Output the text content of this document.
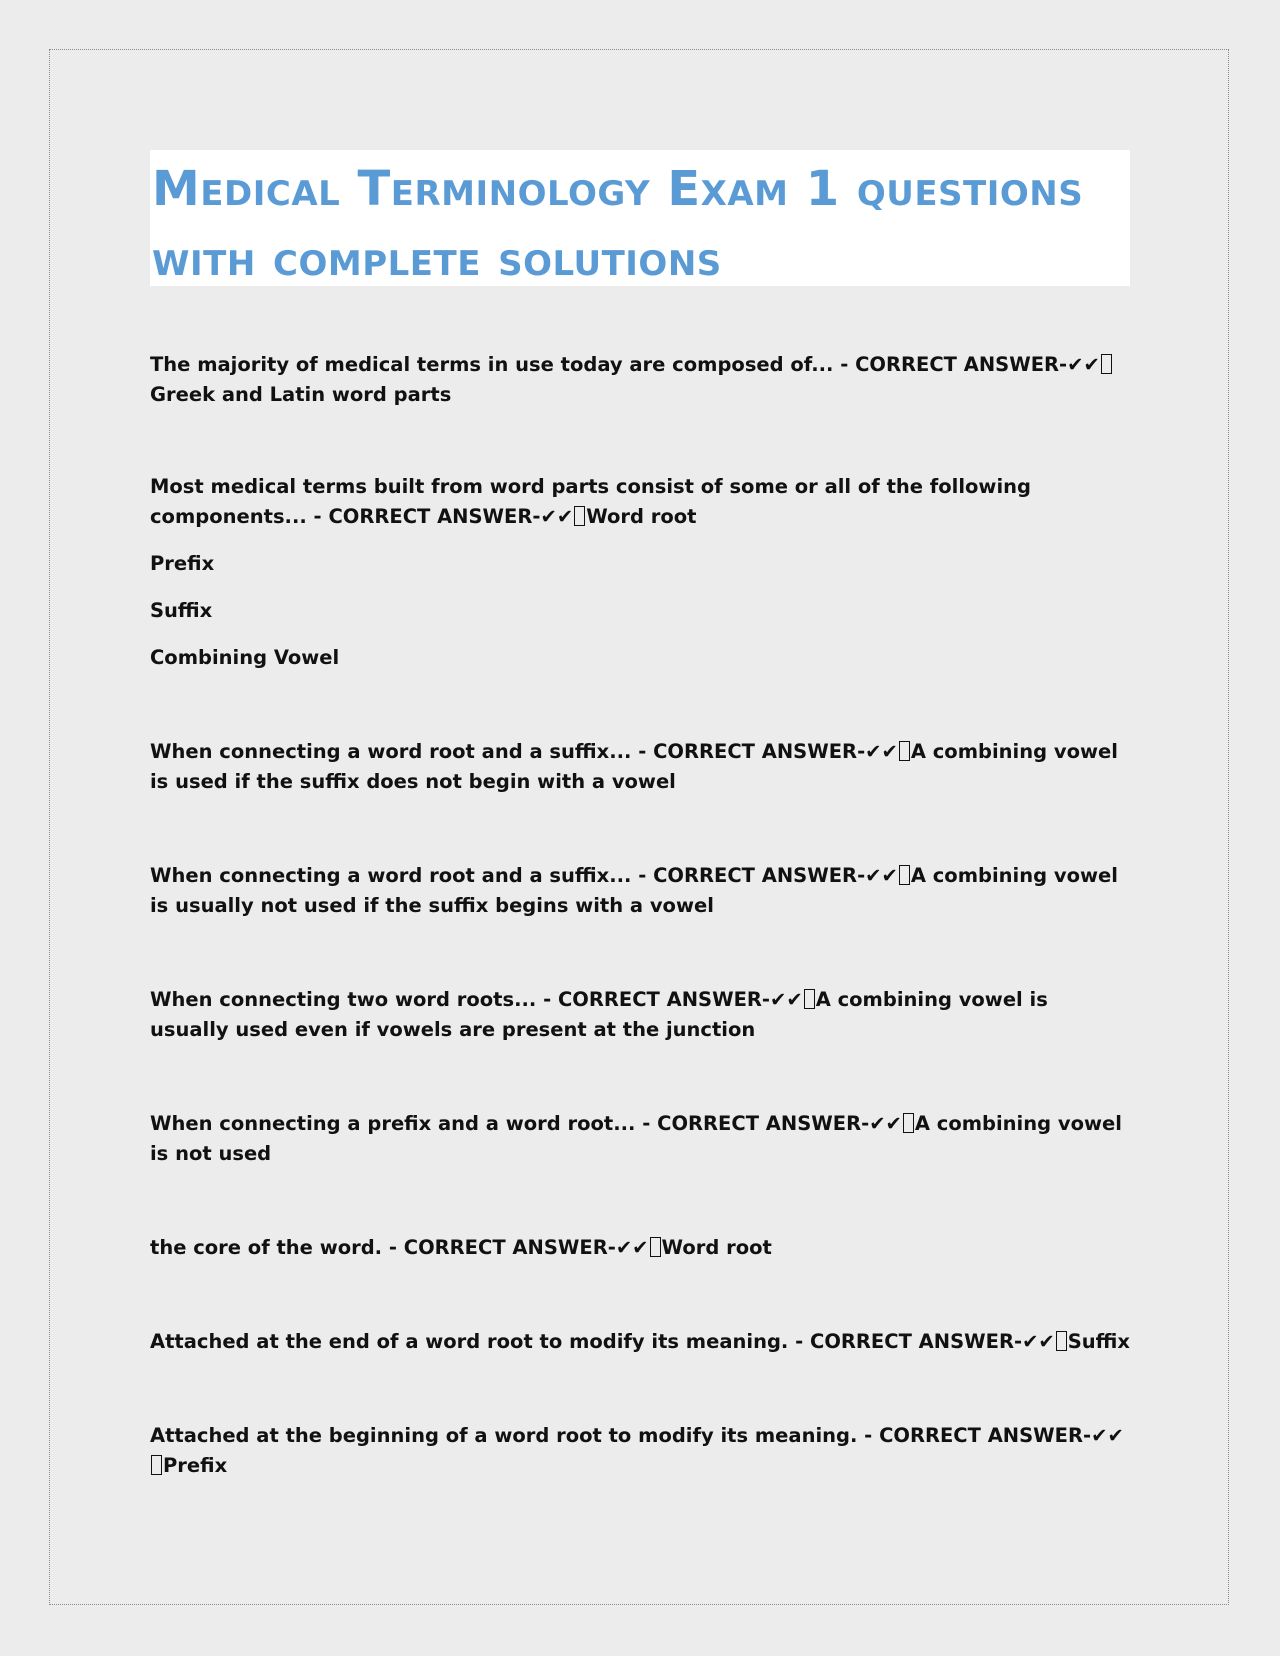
Medical Terminology Exam 1 questions with complete solutions

The majority of medical terms in use today are composed of... - CORRECT ANSWER-✔✔Greek and Latin word parts

Most medical terms built from word parts consist of some or all of the following components... - CORRECT ANSWER-✔✔ Word root

Prefix

Suffix

Combining Vowel

When connecting a word root and a suffix... - CORRECT ANSWER-✔✔ A combining vowel is used if the suffix does not begin with a vowel

When connecting a word root and a suffix... - CORRECT ANSWER-✔✔ A combining vowel is usually not used if the suffix begins with a vowel

When connecting two word roots... - CORRECT ANSWER-✔✔ A combining vowel is usually used even if vowels are present at the junction

When connecting a prefix and a word root... - CORRECT ANSWER-✔✔ A combining vowel is not used

the core of the word. - CORRECT ANSWER-✔✔ Word root

Attached at the end of a word root to modify its meaning. - CORRECT ANSWER-✔✔ Suffix

Attached at the beginning of a word root to modify its meaning. - CORRECT ANSWER-✔✔Prefix
